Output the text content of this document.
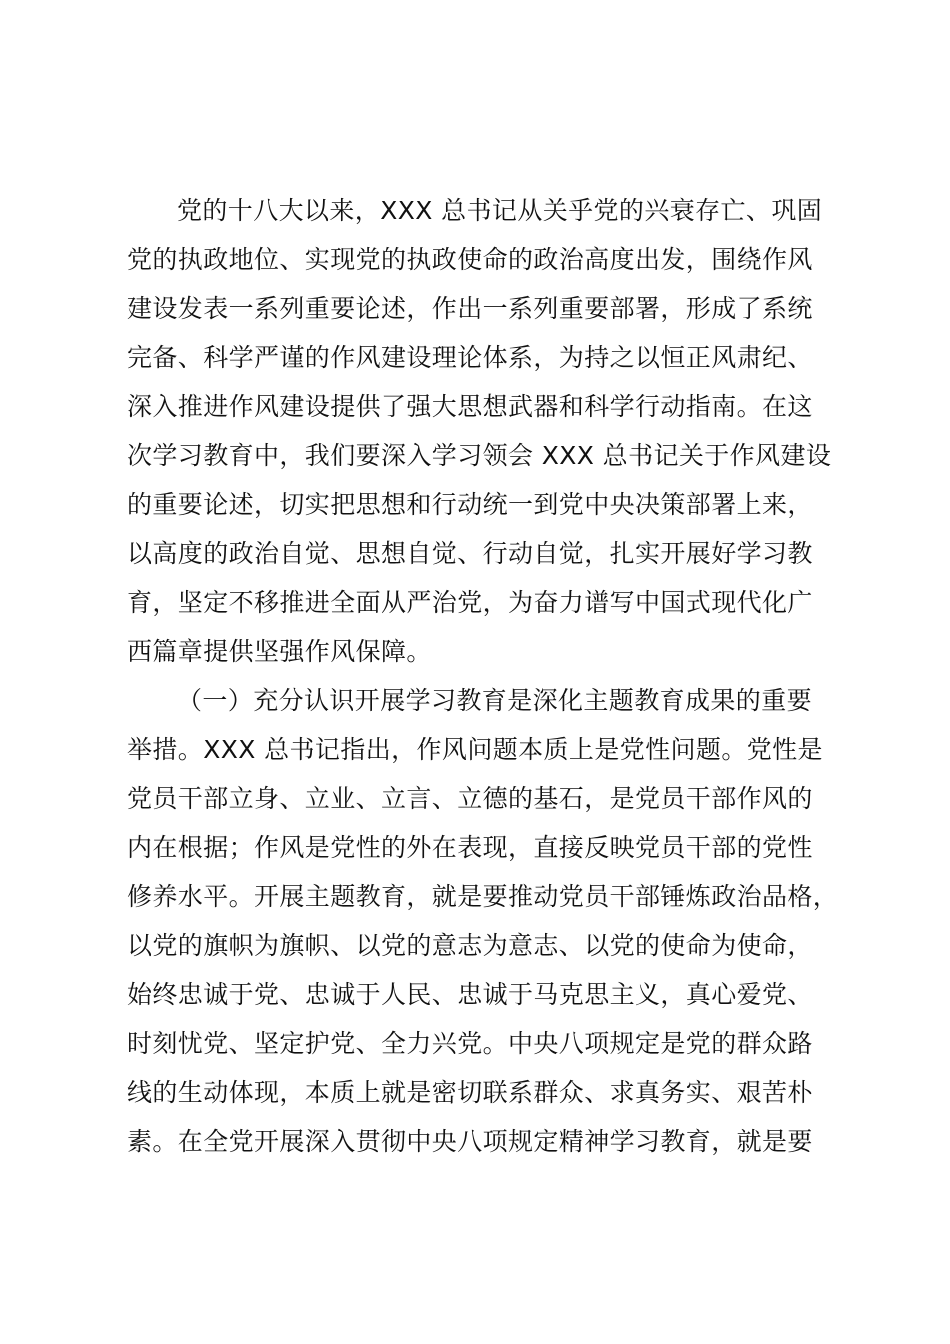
党的十八大以来，XXX 总书记从关乎党的兴衰存亡、巩固
党的执政地位、实现党的执政使命的政治高度出发，围绕作风
建设发表一系列重要论述，作出一系列重要部署，形成了系统
完备、科学严谨的作风建设理论体系，为持之以恒正风肃纪、
深入推进作风建设提供了强大思想武器和科学行动指南。在这
次学习教育中，我们要深入学习领会 XXX 总书记关于作风建设
的重要论述，切实把思想和行动统一到党中央决策部署上来，
以高度的政治自觉、思想自觉、行动自觉，扎实开展好学习教
育，坚定不移推进全面从严治党，为奋力谱写中国式现代化广
西篇章提供坚强作风保障。
（一）充分认识开展学习教育是深化主题教育成果的重要
举措。XXX 总书记指出，作风问题本质上是党性问题。党性是
党员干部立身、立业、立言、立德的基石，是党员干部作风的
内在根据；作风是党性的外在表现，直接反映党员干部的党性
修养水平。开展主题教育，就是要推动党员干部锤炼政治品格，
以党的旗帜为旗帜、以党的意志为意志、以党的使命为使命，
始终忠诚于党、忠诚于人民、忠诚于马克思主义，真心爱党、
时刻忧党、坚定护党、全力兴党。中央八项规定是党的群众路
线的生动体现，本质上就是密切联系群众、求真务实、艰苦朴
素。在全党开展深入贯彻中央八项规定精神学习教育，就是要
